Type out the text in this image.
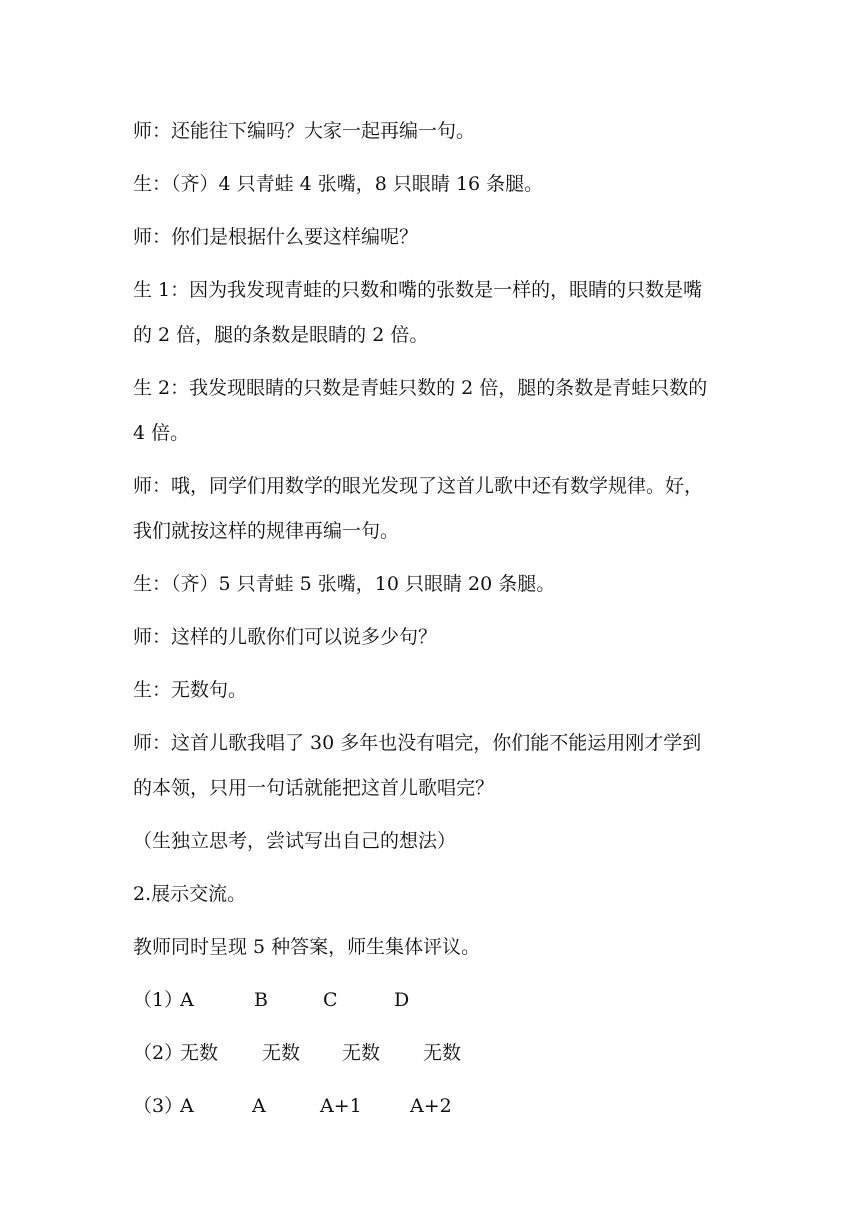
师：还能往下编吗？大家一起再编一句。

生：（齐）4 只青蛙 4 张嘴，8 只眼睛 16 条腿。

师：你们是根据什么要这样编呢？

生 1：因为我发现青蛙的只数和嘴的张数是一样的，眼睛的只数是嘴

的 2 倍，腿的条数是眼睛的 2 倍。

生 2：我发现眼睛的只数是青蛙只数的 2 倍，腿的条数是青蛙只数的

4 倍。

师：哦，同学们用数学的眼光发现了这首儿歌中还有数学规律。好，

我们就按这样的规律再编一句。

生：（齐）5 只青蛙 5 张嘴，10 只眼睛 20 条腿。

师：这样的儿歌你们可以说多少句？

生：无数句。

师：这首儿歌我唱了 30 多年也没有唱完，你们能不能运用刚才学到

的本领，只用一句话就能把这首儿歌唱完？

（生独立思考，尝试写出自己的想法）

2.展示交流。

教师同时呈现 5 种答案，师生集体评议。

（1）
A	B	C	D
（2）
无数	无数	无数	无数
（3）
A	A	A+1	A+2
